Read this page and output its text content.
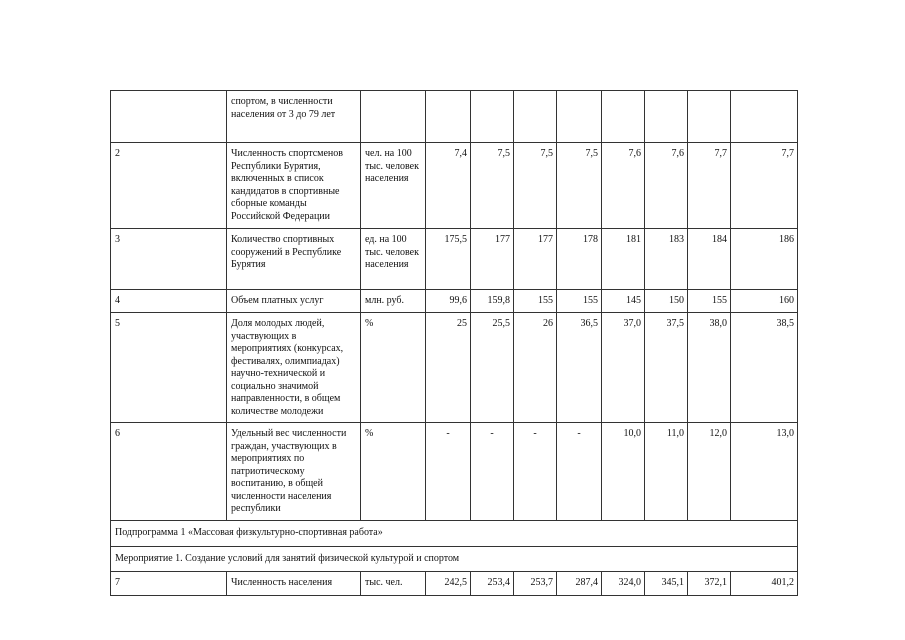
	спортом, в численности населения от 3 до 79 лет									
2	Численность спортсменов Республики Бурятия, включенных в список кандидатов в спортивные сборные команды Российской Федерации	чел. на 100 тыс. человек населения	7,4	7,5	7,5	7,5	7,6	7,6	7,7	7,7
3	Количество спортивных сооружений в Республике Бурятия	ед. на 100 тыс. человек населения	175,5	177	177	178	181	183	184	186
4	Объем платных услуг	млн. руб.	99,6	159,8	155	155	145	150	155	160
5	Доля молодых людей, участвующих в мероприятиях (конкурсах, фестивалях, олимпиадах) научно-технической и социально значимой направленности, в общем количестве молодежи	%	25	25,5	26	36,5	37,0	37,5	38,0	38,5
6	Удельный вес численности граждан, участвующих в мероприятиях по патриотическому воспитанию, в общей численности населения республики	%	-	-	-	-	10,0	11,0	12,0	13,0
Подпрограмма 1 «Массовая физкультурно-спортивная работа»										
Мероприятие 1. Создание условий для занятий физической культурой и спортом										
7	Численность населения	тыс. чел.	242,5	253,4	253,7	287,4	324,0	345,1	372,1	401,2
